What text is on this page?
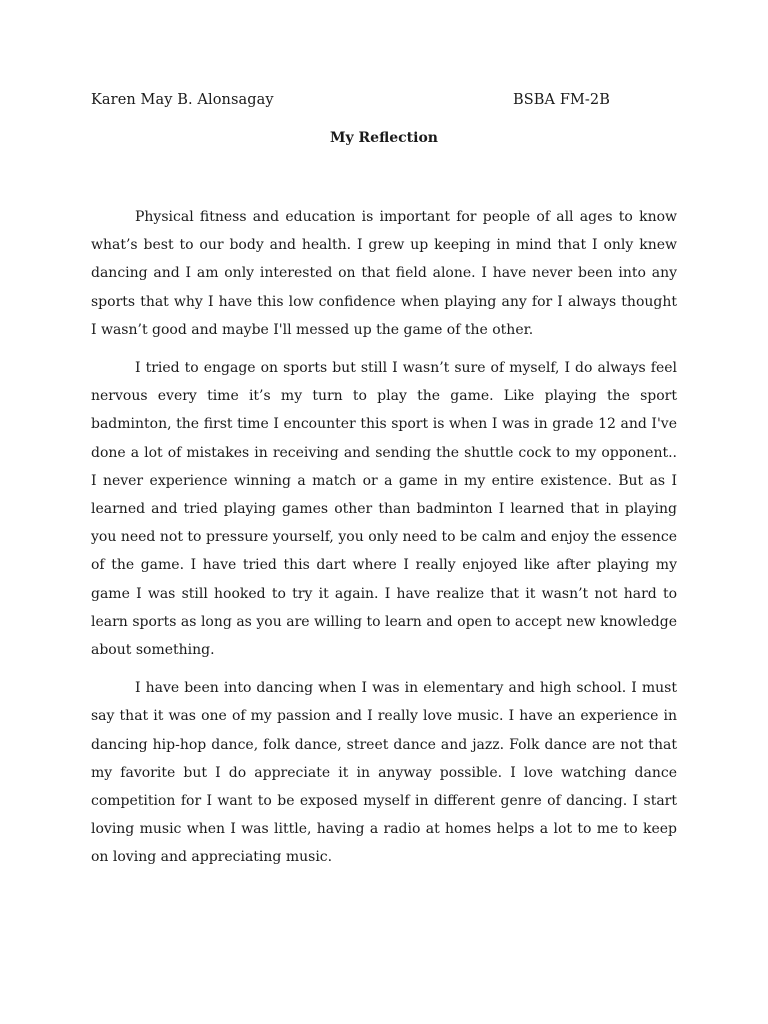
Karen May B. Alonsagay	BSBA FM-2B
My Reflection

Physical fitness and education is important for people of all ages to know what’s best to our body and health. I grew up keeping in mind that I only knew dancing and I am only interested on that field alone. I have never been into any sports that why I have this low confidence when playing any for I always thought I wasn’t good and maybe I'll messed up the game of the other.

I tried to engage on sports but still I wasn’t sure of myself, I do always feel nervous every time it’s my turn to play the game. Like playing the sport badminton, the first time I encounter this sport is when I was in grade 12 and I've done a lot of mistakes in receiving and sending the shuttle cock to my opponent.. I never experience winning a match or a game in my entire existence. But as I learned and tried playing games other than badminton I learned that in playing you need not to pressure yourself, you only need to be calm and enjoy the essence of the game. I have tried this dart where I really enjoyed like after playing my game I was still hooked to try it again. I have realize that it wasn’t not hard to learn sports as long as you are willing to learn and open to accept new knowledge about something.

I have been into dancing when I was in elementary and high school. I must say that it was one of my passion and I really love music. I have an experience in dancing hip-hop dance, folk dance, street dance and jazz. Folk dance are not that my favorite but I do appreciate it in anyway possible. I love watching dance competition for I want to be exposed myself in different genre of dancing. I start loving music when I was little, having a radio at homes helps a lot to me to keep on loving and appreciating music.
